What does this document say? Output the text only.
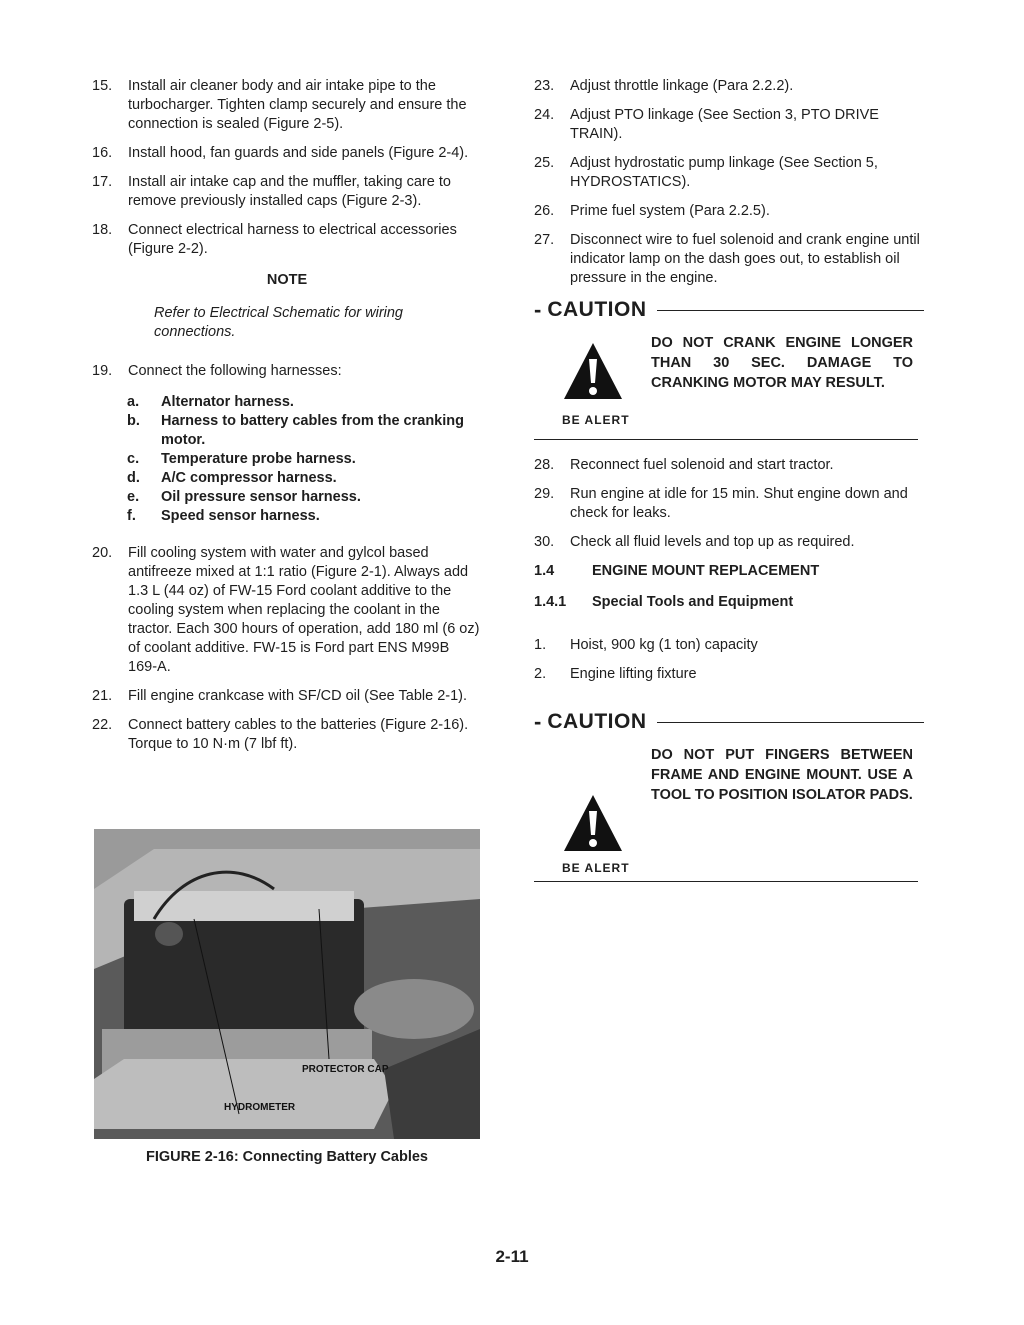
15. Install air cleaner body and air intake pipe to the turbocharger. Tighten clamp securely and ensure the connection is sealed (Figure 2-5).
16. Install hood, fan guards and side panels (Figure 2-4).
17. Install air intake cap and the muffler, taking care to remove previously installed caps (Figure 2-3).
18. Connect electrical harness to electrical accessories (Figure 2-2).
NOTE
Refer to Electrical Schematic for wiring connections.
19. Connect the following harnesses:
a. Alternator harness.
b. Harness to battery cables from the cranking motor.
c. Temperature probe harness.
d. A/C compressor harness.
e. Oil pressure sensor harness.
f. Speed sensor harness.
20. Fill cooling system with water and gylcol based antifreeze mixed at 1:1 ratio (Figure 2-1). Always add 1.3 L (44 oz) of FW-15 Ford coolant additive to the cooling system when replacing the coolant in the tractor. Each 300 hours of operation, add 180 ml (6 oz) of coolant additive. FW-15 is Ford part ENS M99B 169-A.
21. Fill engine crankcase with SF/CD oil (See Table 2-1).
22. Connect battery cables to the batteries (Figure 2-16). Torque to 10 N·m (7 lbf ft).
23. Adjust throttle linkage (Para 2.2.2).
24. Adjust PTO linkage (See Section 3, PTO DRIVE TRAIN).
25. Adjust hydrostatic pump linkage (See Section 5, HYDROSTATICS).
26. Prime fuel system (Para 2.2.5).
27. Disconnect wire to fuel solenoid and crank engine until indicator lamp on the dash goes out, to establish oil pressure in the engine.
- CAUTION
BE ALERT
DO NOT CRANK ENGINE LONGER THAN 30 SEC. DAMAGE TO CRANKING MOTOR MAY RESULT.
28. Reconnect fuel solenoid and start tractor.
29. Run engine at idle for 15 min. Shut engine down and check for leaks.
30. Check all fluid levels and top up as required.
1.4	ENGINE MOUNT REPLACEMENT
1.4.1	Special Tools and Equipment
1. Hoist, 900 kg (1 ton) capacity
2. Engine lifting fixture
- CAUTION
BE ALERT
DO NOT PUT FINGERS BETWEEN FRAME AND ENGINE MOUNT. USE A TOOL TO POSITION ISOLATOR PADS.
PROTECTOR CAP
HYDROMETER
FIGURE 2-16: Connecting Battery Cables
2-11
